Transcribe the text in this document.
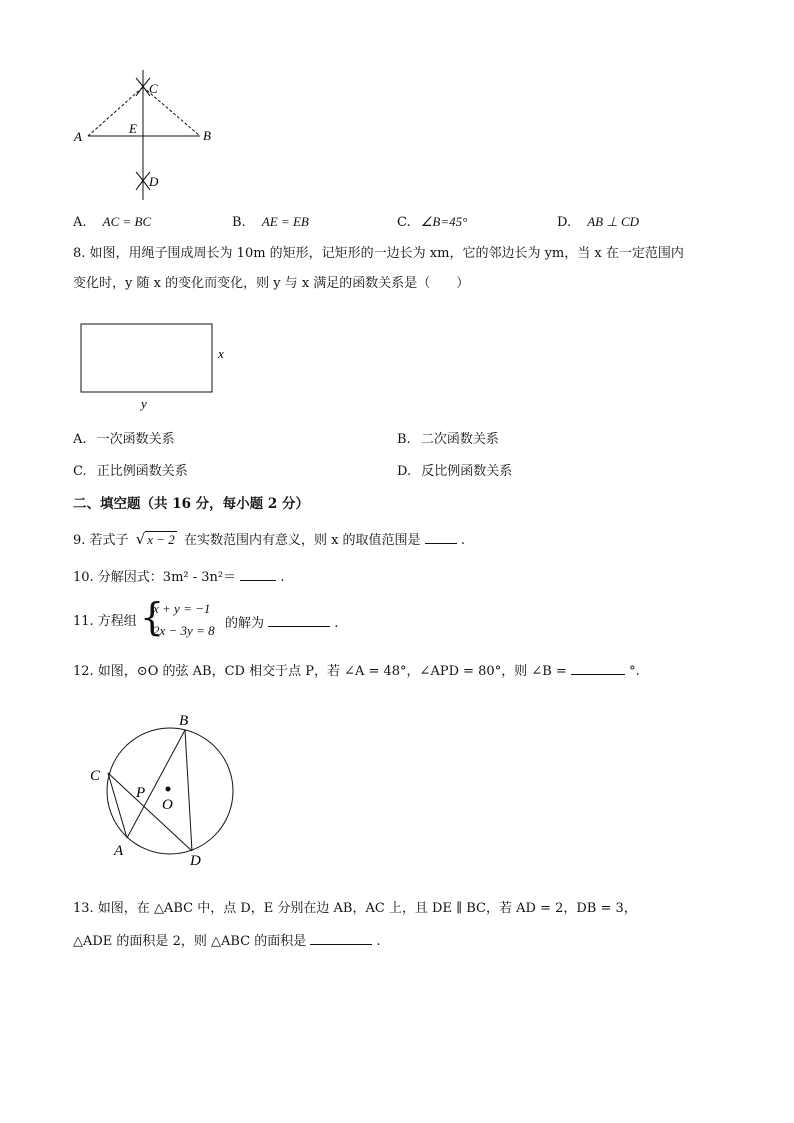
C
A
E	B
D
A. AC = BC	B. AE = EB	C. ∠B=45°	D. AB ⊥ CD
8. 如图，用绳子围成周长为 10m 的矩形，记矩形的一边长为 xm，它的邻边长为 ym，当 x 在一定范围内
变化时，y 随 x 的变化而变化，则 y 与 x 满足的函数关系是（　　）
x
y
A. 一次函数关系	B. 二次函数关系
C. 正比例函数关系	D. 反比例函数关系
二、填空题（共 16 分，每小题 2 分）
9. 若式子 √ x − 2 在实数范围内有意义，则 x 的取值范围是	.
10. 分解因式：3m² - 3n²＝	.
11. 方程组 {
x + y = −1
2x − 3y = 8 的解为	.
12. 如图，⊙O 的弦 AB，CD 相交于点 P，若 ∠A = 48°，∠APD = 80°，则 ∠B =	°.
B
C
P
O
A
D
13. 如图，在 △ABC 中，点 D，E 分别在边 AB，AC 上，且 DE ∥ BC，若 AD = 2，DB = 3，
△ADE 的面积是 2，则 △ABC 的面积是	.
